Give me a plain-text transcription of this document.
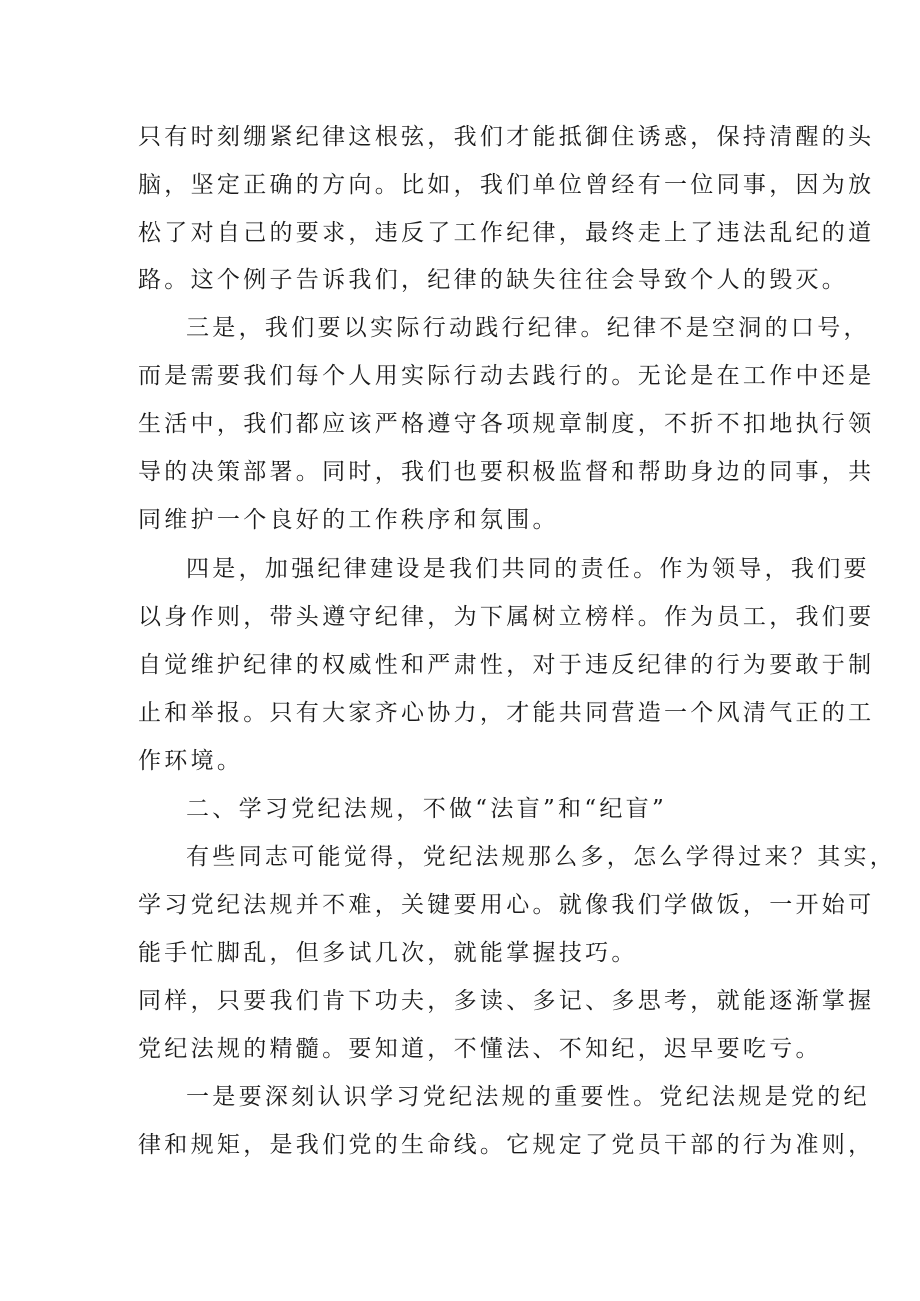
只有时刻绷紧纪律这根弦，我们才能抵御住诱惑，保持清醒的头
脑，坚定正确的方向。比如，我们单位曾经有一位同事，因为放
松了对自己的要求，违反了工作纪律，最终走上了违法乱纪的道
路。这个例子告诉我们，纪律的缺失往往会导致个人的毁灭。
三是，我们要以实际行动践行纪律。纪律不是空洞的口号，
而是需要我们每个人用实际行动去践行的。无论是在工作中还是
生活中，我们都应该严格遵守各项规章制度，不折不扣地执行领
导的决策部署。同时，我们也要积极监督和帮助身边的同事，共
同维护一个良好的工作秩序和氛围。
四是，加强纪律建设是我们共同的责任。作为领导，我们要
以身作则，带头遵守纪律，为下属树立榜样。作为员工，我们要
自觉维护纪律的权威性和严肃性，对于违反纪律的行为要敢于制
止和举报。只有大家齐心协力，才能共同营造一个风清气正的工
作环境。
二、学习党纪法规，不做“法盲”和“纪盲”
有些同志可能觉得，党纪法规那么多，怎么学得过来？其实，
学习党纪法规并不难，关键要用心。就像我们学做饭，一开始可
能手忙脚乱，但多试几次，就能掌握技巧。
同样，只要我们肯下功夫，多读、多记、多思考，就能逐渐掌握
党纪法规的精髓。要知道，不懂法、不知纪，迟早要吃亏。
一是要深刻认识学习党纪法规的重要性。党纪法规是党的纪
律和规矩，是我们党的生命线。它规定了党员干部的行为准则，
